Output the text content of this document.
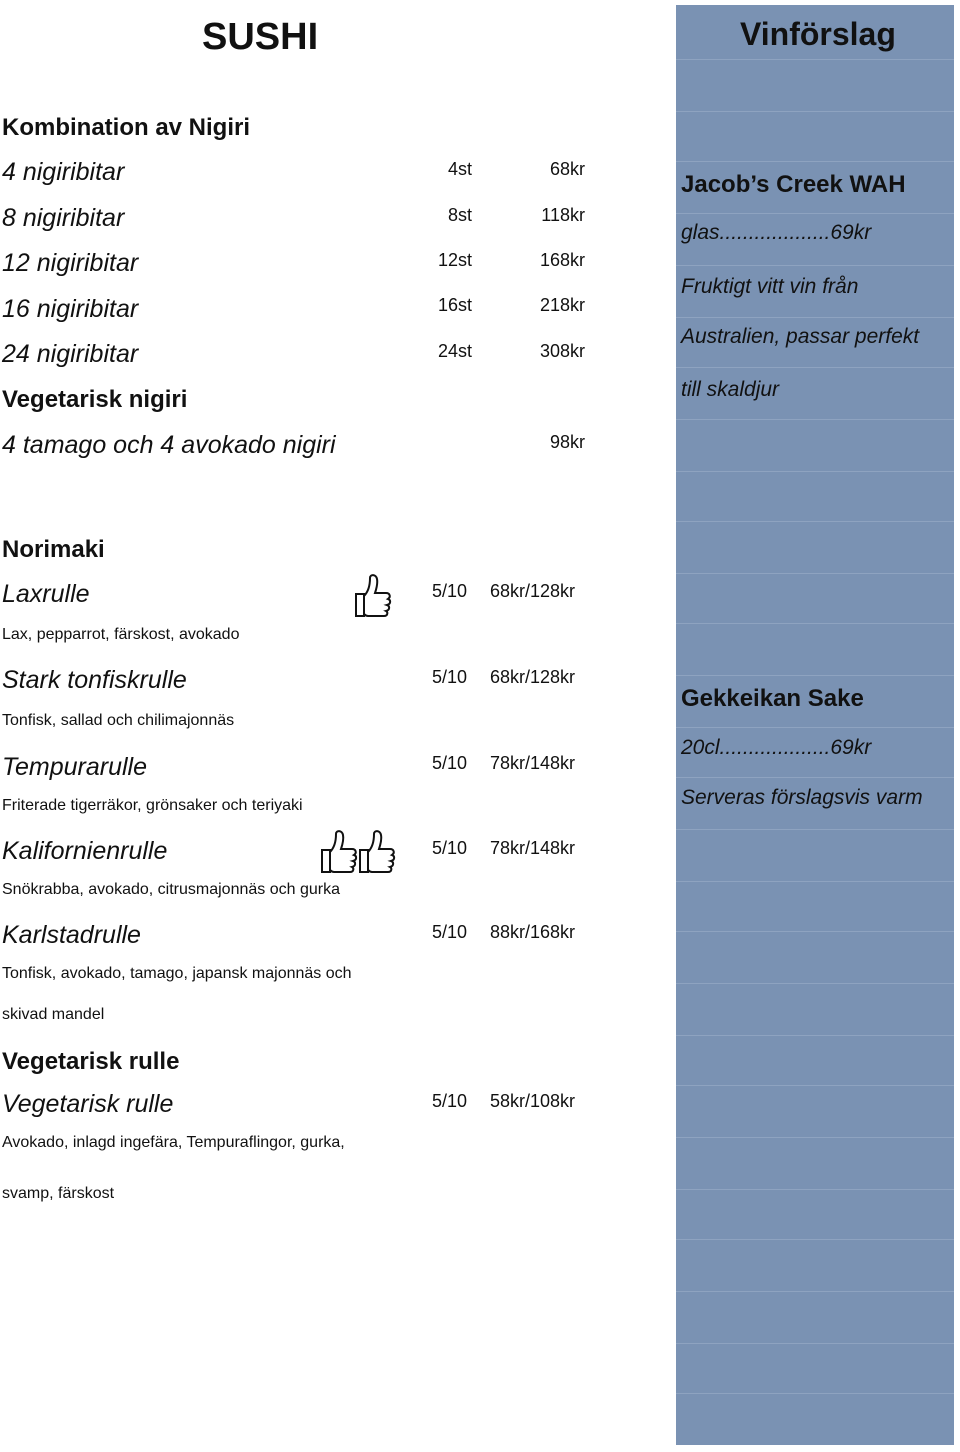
SUSHI
Kombination av Nigiri
4 nigiribitar	4st	68kr
8 nigiribitar	8st	118kr
12 nigiribitar	12st	168kr
16 nigiribitar	16st	218kr
24 nigiribitar	24st	308kr
Vegetarisk nigiri
4 tamago och 4 avokado nigiri	98kr
Norimaki
Laxrulle	5/10 68kr/128kr
Lax, pepparrot, färskost, avokado
Stark tonfiskrulle	5/10 68kr/128kr
Tonfisk, sallad och chilimajonnäs
Tempurarulle	5/10 78kr/148kr
Friterade tigerräkor, grönsaker och teriyaki
Kalifornienrulle	5/10 78kr/148kr
Snökrabba, avokado, citrusmajonnäs och gurka
Karlstadrulle	5/10 88kr/168kr
Tonfisk, avokado, tamago, japansk majonnäs och
skivad mandel
Vegetarisk rulle
Vegetarisk rulle	5/10 58kr/108kr
Avokado, inlagd ingefära, Tempuraflingor, gurka,
svamp, färskost
Vinförslag
Jacob’s Creek WAH
glas...................69kr
Fruktigt vitt vin från
Australien, passar perfekt
till skaldjur
Gekkeikan Sake
20cl...................69kr
Serveras förslagsvis varm
